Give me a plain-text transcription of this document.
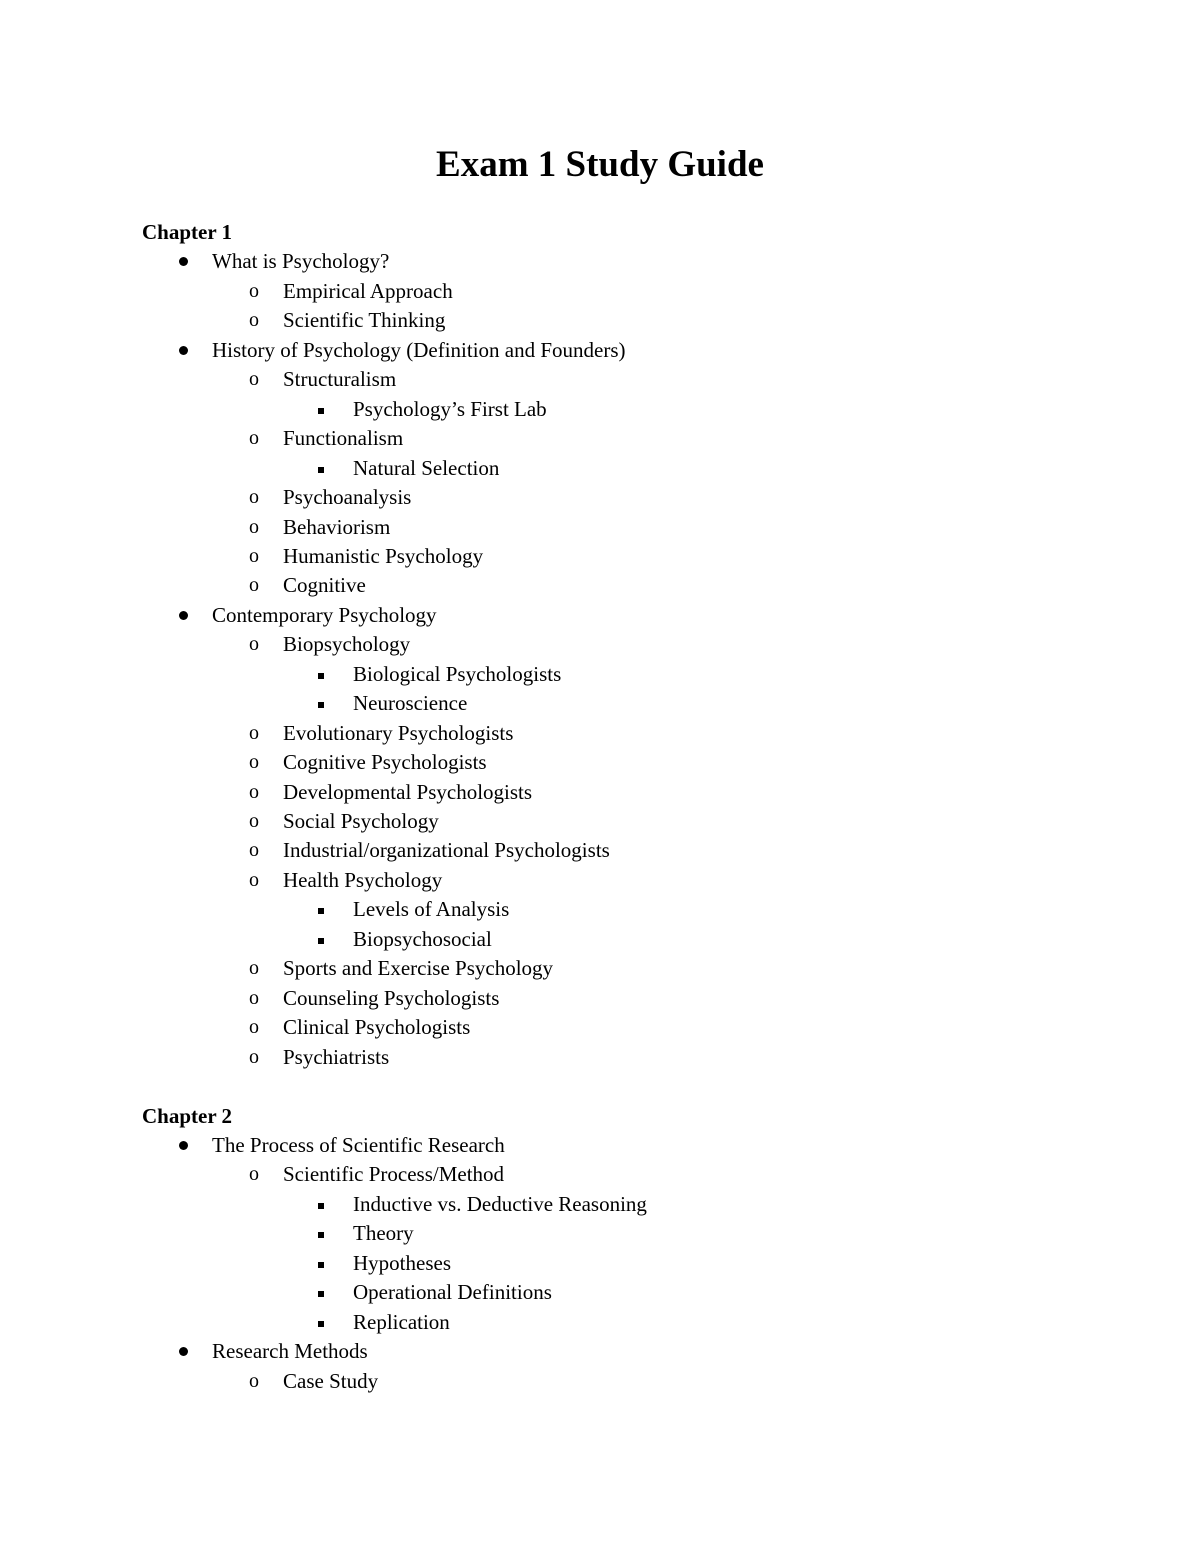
Exam 1 Study Guide
Chapter 1
What is Psychology?
o Empirical Approach
o Scientific Thinking
History of Psychology (Definition and Founders)
o Structuralism
Psychology’s First Lab
o Functionalism
Natural Selection
o Psychoanalysis
o Behaviorism
o Humanistic Psychology
o Cognitive
Contemporary Psychology
o Biopsychology
Biological Psychologists
Neuroscience
o Evolutionary Psychologists
o Cognitive Psychologists
o Developmental Psychologists
o Social Psychology
o Industrial/organizational Psychologists
o Health Psychology
Levels of Analysis
Biopsychosocial
o Sports and Exercise Psychology
o Counseling Psychologists
o Clinical Psychologists
o Psychiatrists
Chapter 2
The Process of Scientific Research
o Scientific Process/Method
Inductive vs. Deductive Reasoning
Theory
Hypotheses
Operational Definitions
Replication
Research Methods
o Case Study
